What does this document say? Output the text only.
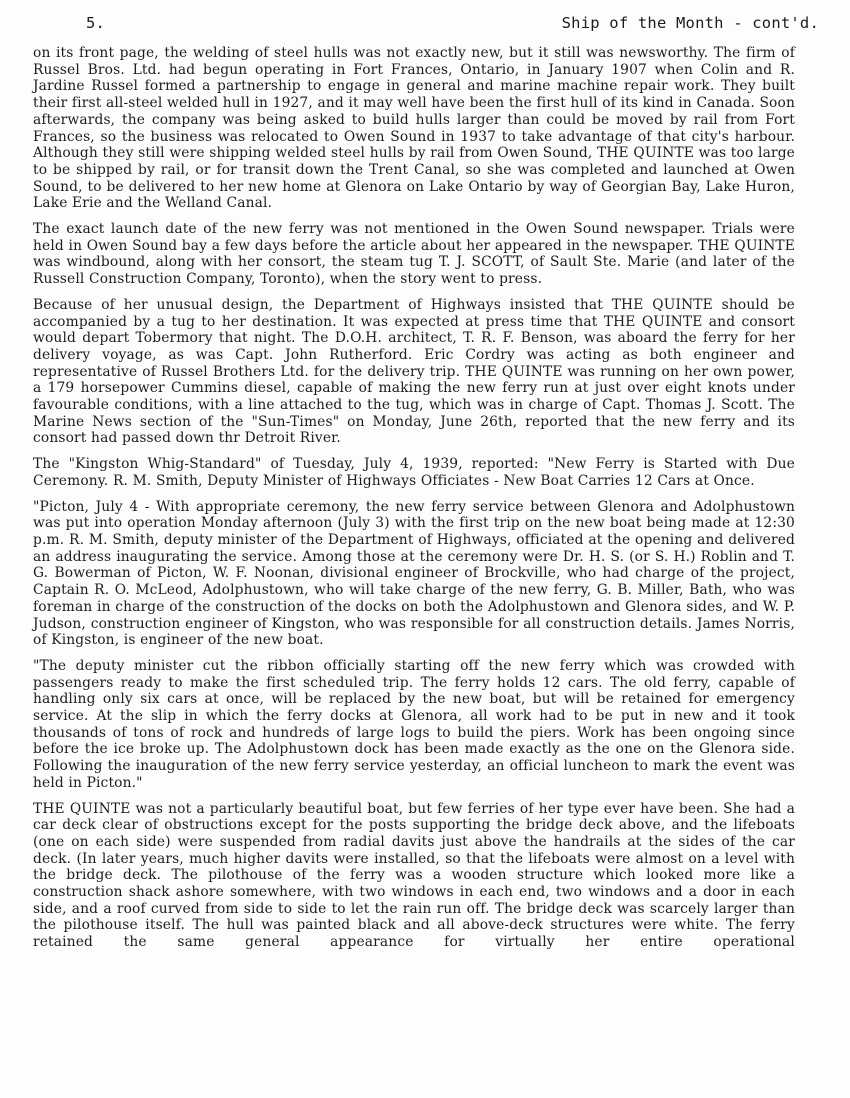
5.	Ship of the Month - cont'd.

on its front page, the welding of steel hulls was not exactly new, but it still was newsworthy. The firm of Russel Bros. Ltd. had begun operating in Fort Frances, Ontario, in January 1907 when Colin and R. Jardine Russel formed a partnership to engage in general and marine machine repair work. They built their first all-steel welded hull in 1927, and it may well have been the first hull of its kind in Canada. Soon afterwards, the company was being asked to build hulls larger than could be moved by rail from Fort Frances, so the business was relocated to Owen Sound in 1937 to take advantage of that city's harbour. Although they still were shipping welded steel hulls by rail from Owen Sound, THE QUINTE was too large to be shipped by rail, or for transit down the Trent Canal, so she was completed and launched at Owen Sound, to be delivered to her new home at Glenora on Lake Ontario by way of Georgian Bay, Lake Huron, Lake Erie and the Welland Canal.

The exact launch date of the new ferry was not mentioned in the Owen Sound newspaper. Trials were held in Owen Sound bay a few days before the article about her appeared in the newspaper. THE QUINTE was windbound, along with her consort, the steam tug T. J. SCOTT, of Sault Ste. Marie (and later of the Russell Construction Company, Toronto), when the story went to press.

Because of her unusual design, the Department of Highways insisted that THE QUINTE should be accompanied by a tug to her destination. It was expected at press time that THE QUINTE and consort would depart Tobermory that night. The D.O.H. architect, T. R. F. Benson, was aboard the ferry for her delivery voyage, as was Capt. John Rutherford. Eric Cordry was acting as both engineer and representative of Russel Brothers Ltd. for the delivery trip. THE QUINTE was running on her own power, a 179 horsepower Cummins diesel, capable of making the new ferry run at just over eight knots under favourable conditions, with a line attached to the tug, which was in charge of Capt. Thomas J. Scott. The Marine News section of the "Sun-Times" on Monday, June 26th, reported that the new ferry and its consort had passed down thr Detroit River.

The "Kingston Whig-Standard" of Tuesday, July 4, 1939, reported: "New Ferry is Started with Due Ceremony. R. M. Smith, Deputy Minister of Highways Officiates - New Boat Carries 12 Cars at Once.

"Picton, July 4 - With appropriate ceremony, the new ferry service between Glenora and Adolphustown was put into operation Monday afternoon (July 3) with the first trip on the new boat being made at 12:30 p.m. R. M. Smith, deputy minister of the Department of Highways, officiated at the opening and delivered an address inaugurating the service. Among those at the ceremony were Dr. H. S. (or S. H.) Roblin and T. G. Bowerman of Picton, W. F. Noonan, divisional engineer of Brockville, who had charge of the project, Captain R. O. McLeod, Adolphustown, who will take charge of the new ferry, G. B. Miller, Bath, who was foreman in charge of the construction of the docks on both the Adolphustown and Glenora sides, and W. P. Judson, construction engineer of Kingston, who was responsible for all construction details. James Norris, of Kingston, is engineer of the new boat.

"The deputy minister cut the ribbon officially starting off the new ferry which was crowded with passengers ready to make the first scheduled trip. The ferry holds 12 cars. The old ferry, capable of handling only six cars at once, will be replaced by the new boat, but will be retained for emergency service. At the slip in which the ferry docks at Glenora, all work had to be put in new and it took thousands of tons of rock and hundreds of large logs to build the piers. Work has been ongoing since before the ice broke up. The Adolphustown dock has been made exactly as the one on the Glenora side. Following the inauguration of the new ferry service yesterday, an official luncheon to mark the event was held in Picton."

THE QUINTE was not a particularly beautiful boat, but few ferries of her type ever have been. She had a car deck clear of obstructions except for the posts supporting the bridge deck above, and the lifeboats (one on each side) were suspended from radial davits just above the handrails at the sides of the car deck. (In later years, much higher davits were installed, so that the lifeboats were almost on a level with the bridge deck. The pilothouse of the ferry was a wooden structure which looked more like a construction shack ashore somewhere, with two windows in each end, two windows and a door in each side, and a roof curved from side to side to let the rain run off. The bridge deck was scarcely larger than the pilothouse itself. The hull was painted black and all above-deck structures were white. The ferry retained the same general appearance for virtually her entire operational
